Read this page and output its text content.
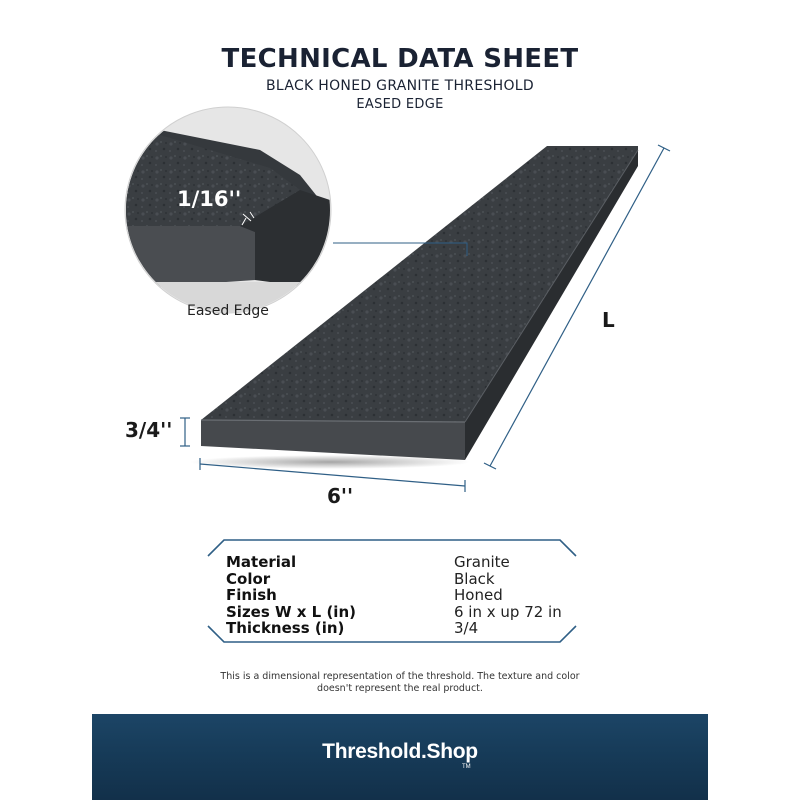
TECHNICAL DATA SHEET
BLACK HONED GRANITE THRESHOLD
EASED EDGE
1/16''
Eased Edge	L
3/4''
6''
Material	Granite
Color	Black
Finish	Honed
Sizes W x L (in)	6 in x up 72 in
Thickness (in)	3/4
This is a dimensional representation of the threshold. The texture and color
doesn't represent the real product.
Threshold.Shop
TM
